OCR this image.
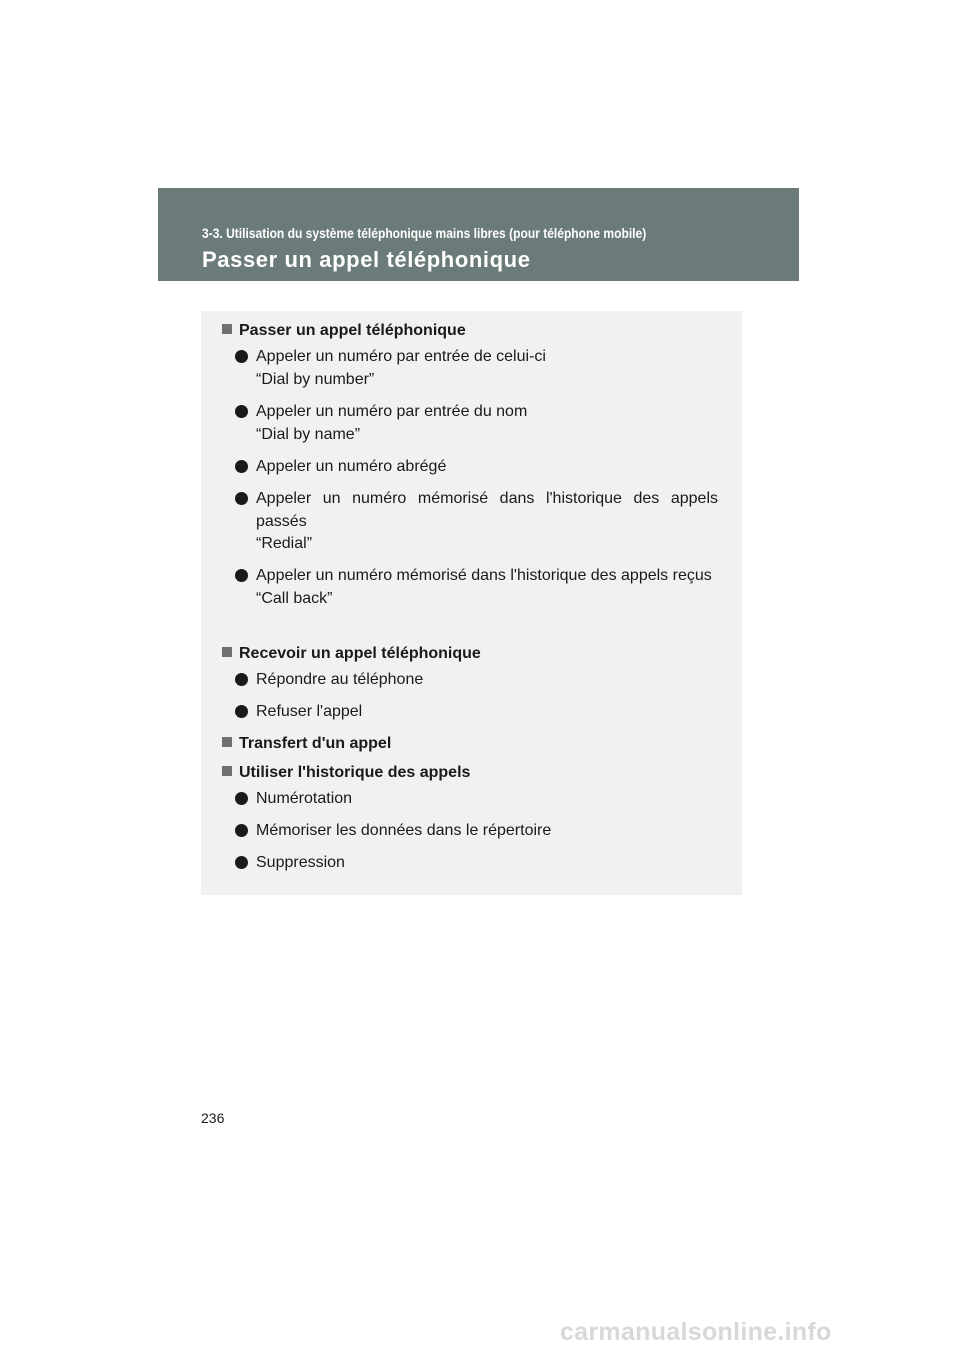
3-3. Utilisation du système téléphonique mains libres (pour téléphone mobile)
Passer un appel téléphonique
Passer un appel téléphonique
Appeler un numéro par entrée de celui-ci
“Dial by number”
Appeler un numéro par entrée du nom
“Dial by name”
Appeler un numéro abrégé
Appeler un numéro mémorisé dans l'historique des appels passés
“Redial”
Appeler un numéro mémorisé dans l'historique des appels reçus
“Call back”
Recevoir un appel téléphonique
Répondre au téléphone
Refuser l'appel
Transfert d'un appel
Utiliser l'historique des appels
Numérotation
Mémoriser les données dans le répertoire
Suppression
236
carmanualsonline.info
